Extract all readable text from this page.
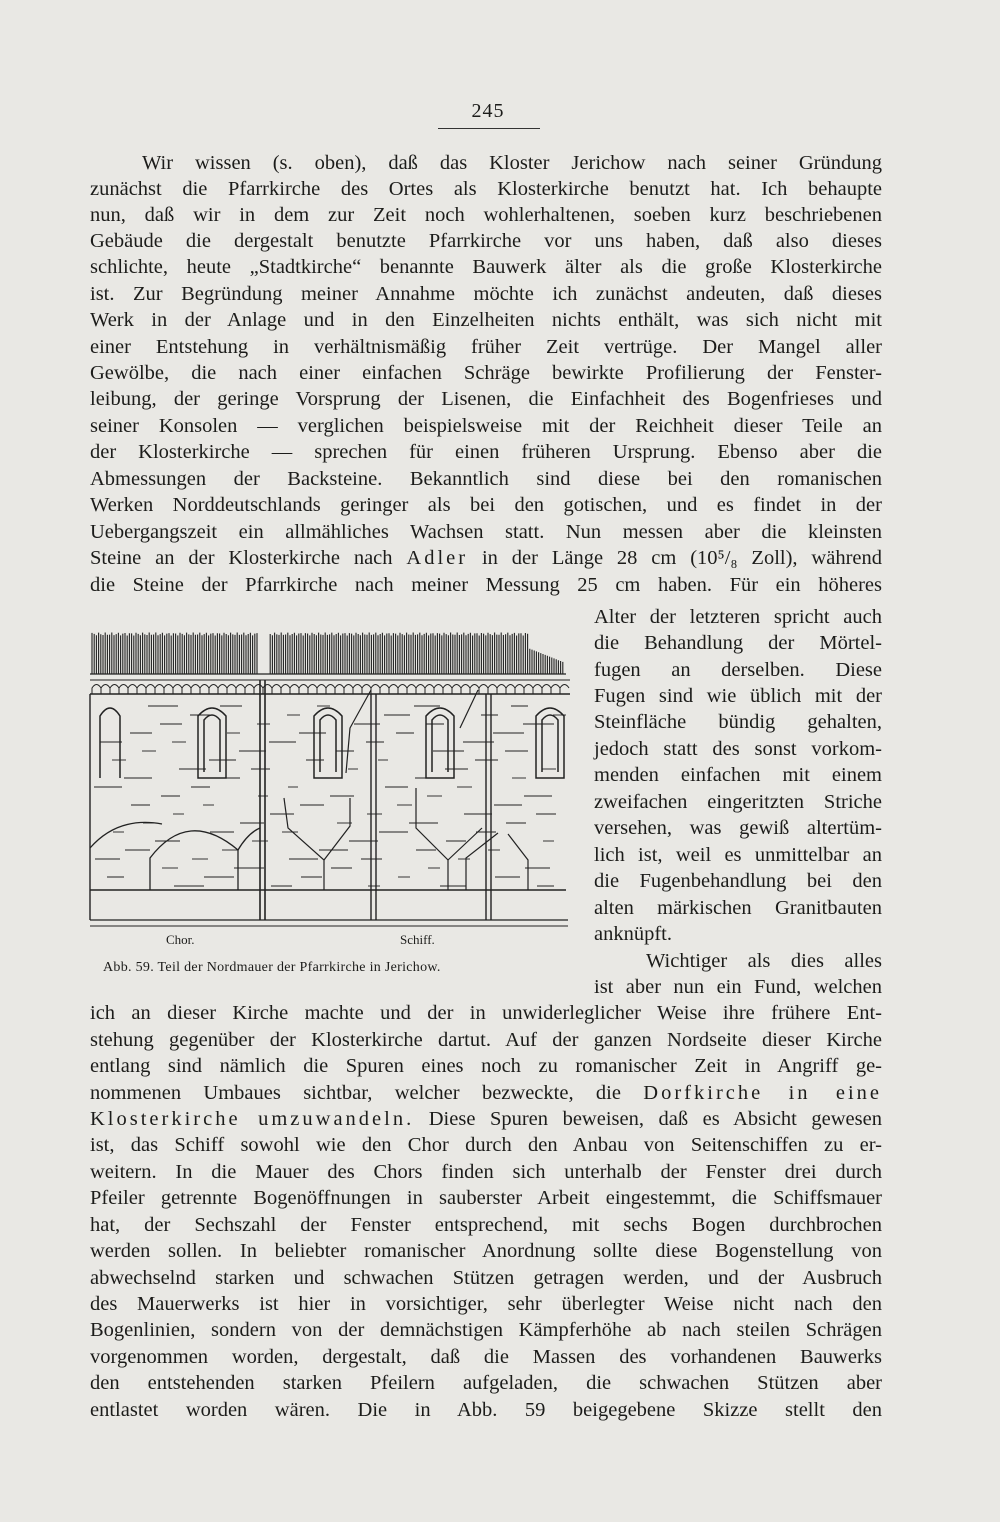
245
Wir wissen (s. oben), daß das Kloster Jerichow nach seiner Gründung
zunächst die Pfarrkirche des Ortes als Klosterkirche benutzt hat. Ich behaupte
nun, daß wir in dem zur Zeit noch wohlerhaltenen, soeben kurz beschriebenen
Gebäude die dergestalt benutzte Pfarrkirche vor uns haben, daß also dieses
schlichte, heute „Stadtkirche“ benannte Bauwerk älter als die große Klosterkirche
ist. Zur Begründung meiner Annahme möchte ich zunächst andeuten, daß dieses
Werk in der Anlage und in den Einzelheiten nichts enthält, was sich nicht mit
einer Entstehung in verhältnismäßig früher Zeit vertrüge. Der Mangel aller
Gewölbe, die nach einer einfachen Schräge bewirkte Profilierung der Fenster-
leibung, der geringe Vorsprung der Lisenen, die Einfachheit des Bogenfrieses und
seiner Konsolen — verglichen beispielsweise mit der Reichheit dieser Teile an
der Klosterkirche — sprechen für einen früheren Ursprung. Ebenso aber die
Abmessungen der Backsteine. Bekanntlich sind diese bei den romanischen
Werken Norddeutschlands geringer als bei den gotischen, und es findet in der
Uebergangszeit ein allmähliches Wachsen statt. Nun messen aber die kleinsten
Steine an der Klosterkirche nach Adler in der Länge 28 cm (10⁵/₈ Zoll), während
die Steine der Pfarrkirche nach meiner Messung 25 cm haben. Für ein höheres
Alter der letzteren spricht auch
die Behandlung der Mörtel-
fugen an derselben. Diese
Fugen sind wie üblich mit der
Steinfläche bündig gehalten,
jedoch statt des sonst vorkom-
menden einfachen mit einem
zweifachen eingeritzten Striche
versehen, was gewiß altertüm-
lich ist, weil es unmittelbar an
die Fugenbehandlung bei den
alten märkischen Granitbauten
anknüpft.
Wichtiger als dies alles
ist aber nun ein Fund, welchen
Chor.	Schiff.
Abb. 59. Teil der Nordmauer der Pfarrkirche in Jerichow.
ich an dieser Kirche machte und der in unwiderleglicher Weise ihre frühere Ent-
stehung gegenüber der Klosterkirche dartut. Auf der ganzen Nordseite dieser Kirche
entlang sind nämlich die Spuren eines noch zu romanischer Zeit in Angriff ge-
nommenen Umbaues sichtbar, welcher bezweckte, die Dorfkirche in eine
Klosterkirche umzuwandeln. Diese Spuren beweisen, daß es Absicht gewesen
ist, das Schiff sowohl wie den Chor durch den Anbau von Seitenschiffen zu er-
weitern. In die Mauer des Chors finden sich unterhalb der Fenster drei durch
Pfeiler getrennte Bogenöffnungen in sauberster Arbeit eingestemmt, die Schiffsmauer
hat, der Sechszahl der Fenster entsprechend, mit sechs Bogen durchbrochen
werden sollen. In beliebter romanischer Anordnung sollte diese Bogenstellung von
abwechselnd starken und schwachen Stützen getragen werden, und der Ausbruch
des Mauerwerks ist hier in vorsichtiger, sehr überlegter Weise nicht nach den
Bogenlinien, sondern von der demnächstigen Kämpferhöhe ab nach steilen Schrägen
vorgenommen worden, dergestalt, daß die Massen des vorhandenen Bauwerks
den entstehenden starken Pfeilern aufgeladen, die schwachen Stützen aber
entlastet worden wären. Die in Abb. 59 beigegebene Skizze stellt den
